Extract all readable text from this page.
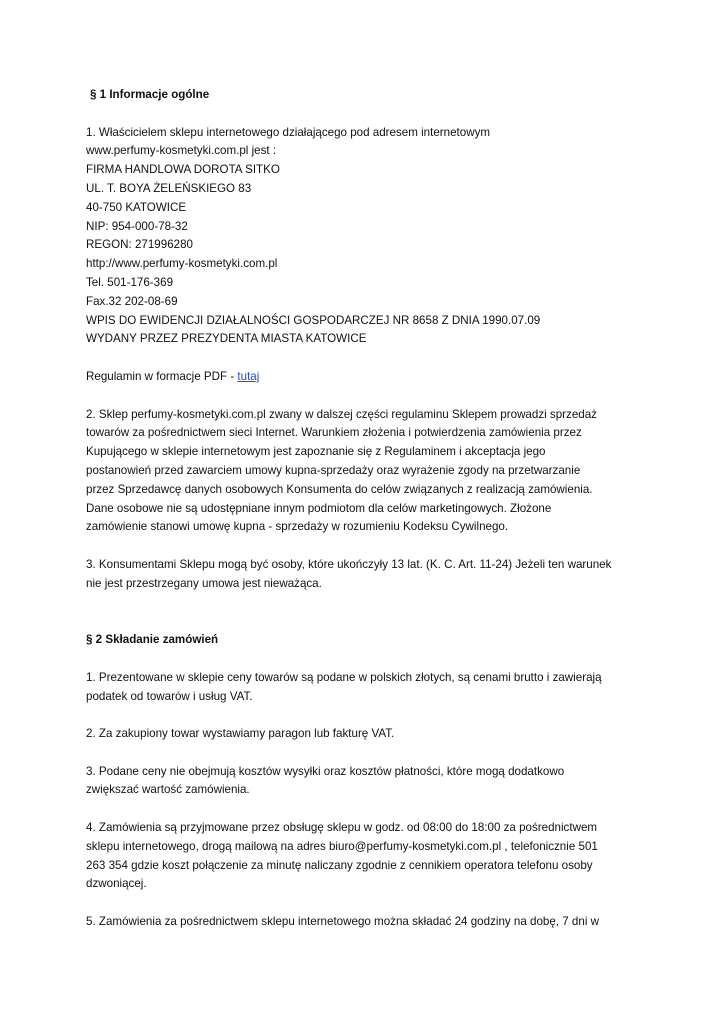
§ 1 Informacje ogólne

1. Właścicielem sklepu internetowego działającego pod adresem internetowym
www.perfumy-kosmetyki.com.pl jest :
FIRMA HANDLOWA DOROTA SITKO
UL. T. BOYA ŻELEŃSKIEGO 83
40-750 KATOWICE
NIP: 954-000-78-32
REGON: 271996280
http://www.perfumy-kosmetyki.com.pl
Tel. 501-176-369
Fax.32 202-08-69
WPIS DO EWIDENCJI DZIAŁALNOŚCI GOSPODARCZEJ NR 8658 Z DNIA 1990.07.09
WYDANY PRZEZ PREZYDENTA MIASTA KATOWICE

Regulamin w formacje PDF - tutaj

2. Sklep perfumy-kosmetyki.com.pl zwany w dalszej części regulaminu Sklepem prowadzi sprzedaż
towarów za pośrednictwem sieci Internet. Warunkiem złożenia i potwierdzenia zamówienia przez
Kupującego w sklepie internetowym jest zapoznanie się z Regulaminem i akceptacja jego
postanowień przed zawarciem umowy kupna-sprzedaży oraz wyrażenie zgody na przetwarzanie
przez Sprzedawcę danych osobowych Konsumenta do celów związanych z realizacją zamówienia.
Dane osobowe nie są udostępniane innym podmiotom dla celów marketingowych. Złożone
zamówienie stanowi umowę kupna - sprzedaży w rozumieniu Kodeksu Cywilnego.

3. Konsumentami Sklepu mogą być osoby, które ukończyły 13 lat. (K. C. Art. 11-24) Jeżeli ten warunek
nie jest przestrzegany umowa jest nieważąca.

§ 2 Składanie zamówień

1. Prezentowane w sklepie ceny towarów są podane w polskich złotych, są cenami brutto i zawierają
podatek od towarów i usług VAT.

2. Za zakupiony towar wystawiamy paragon lub fakturę VAT.

3. Podane ceny nie obejmują kosztów wysyłki oraz kosztów płatności, które mogą dodatkowo
zwiększać wartość zamówienia.

4. Zamówienia są przyjmowane przez obsługę sklepu w godz. od 08:00 do 18:00 za pośrednictwem
sklepu internetowego, drogą mailową na adres biuro@perfumy-kosmetyki.com.pl , telefonicznie 501
263 354 gdzie koszt połączenie za minutę naliczany zgodnie z cennikiem operatora telefonu osoby
dzwoniącej.

5. Zamówienia za pośrednictwem sklepu internetowego można składać 24 godziny na dobę, 7 dni w
